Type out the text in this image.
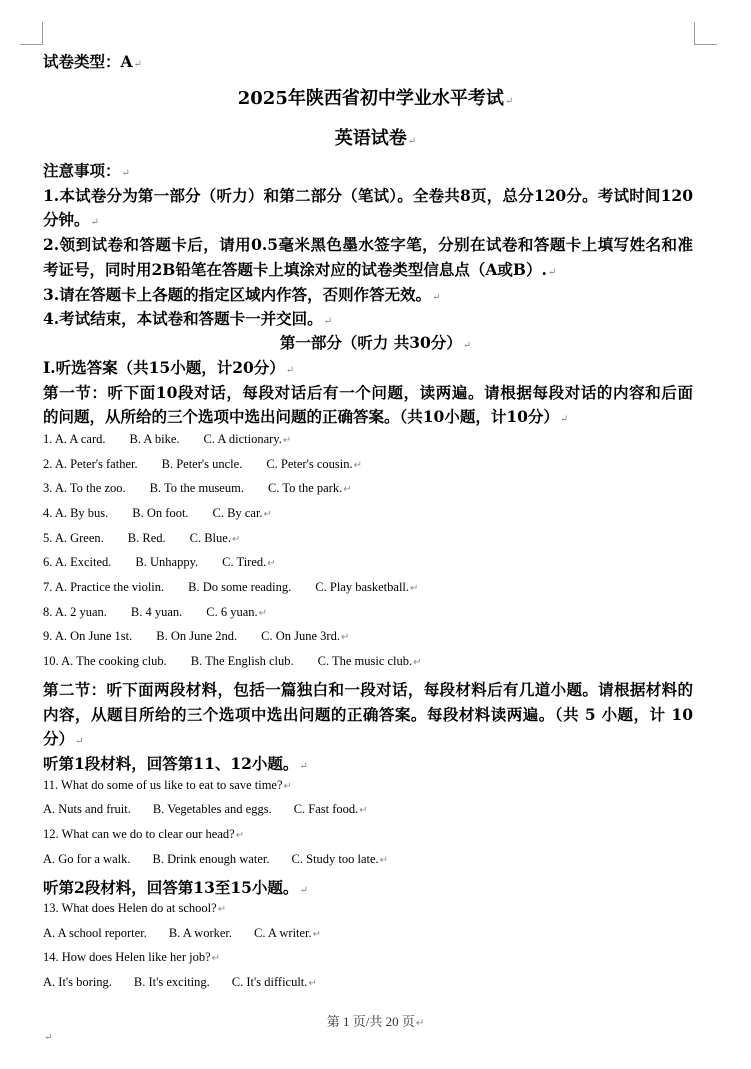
试卷类型：A↵
2025年陕西省初中学业水平考试↵
英语试卷↵
注意事项：↵
1.本试卷分为第一部分（听力）和第二部分（笔试）。全卷共8页，总分120分。考试时间120
分钟。↵
2.领到试卷和答题卡后，请用0.5毫米黑色墨水签字笔，分别在试卷和答题卡上填写姓名和准
考证号，同时用2B铅笔在答题卡上填涂对应的试卷类型信息点（A或B）.↵
3.请在答题卡上各题的指定区域内作答，否则作答无效。↵
4.考试结束，本试卷和答题卡一并交回。↵
第一部分（听力 共30分）↵
Ⅰ.听选答案（共15小题，计20分）↵
第一节：听下面10段对话，每段对话后有一个问题，读两遍。请根据每段对话的内容和后面
的问题，从所给的三个选项中选出问题的正确答案。（共10小题，计10分）↵
1. A. A card. B. A bike. C. A dictionary.↵
2. A. Peter's father. B. Peter's uncle. C. Peter's cousin.↵
3. A. To the zoo. B. To the museum. C. To the park.↵
4. A. By bus. B. On foot. C. By car.↵
5. A. Green. B. Red. C. Blue.↵
6. A. Excited. B. Unhappy. C. Tired.↵
7. A. Practice the violin. B. Do some reading. C. Play basketball.↵
8. A. 2 yuan. B. 4 yuan. C. 6 yuan.↵
9. A. On June 1st. B. On June 2nd. C. On June 3rd.↵
10. A. The cooking club. B. The English club. C. The music club.↵
第二节：听下面两段材料，包括一篇独白和一段对话，每段材料后有几道小题。请根据材料的
内容，从题目所给的三个选项中选出问题的正确答案。每段材料读两遍。（共 5 小题，计 10
分）↵
听第1段材料，回答第11、12小题。↵
11. What do some of us like to eat to save time?↵
A. Nuts and fruit. B. Vegetables and eggs. C. Fast food.↵
12. What can we do to clear our head?↵
A. Go for a walk. B. Drink enough water. C. Study too late.↵
听第2段材料，回答第13至15小题。↵
13. What does Helen do at school?↵
A. A school reporter. B. A worker. C. A writer.↵
14. How does Helen like her job?↵
A. It's boring. B. It's exciting. C. It's difficult.↵
第 1 页/共 20 页↵
↵
